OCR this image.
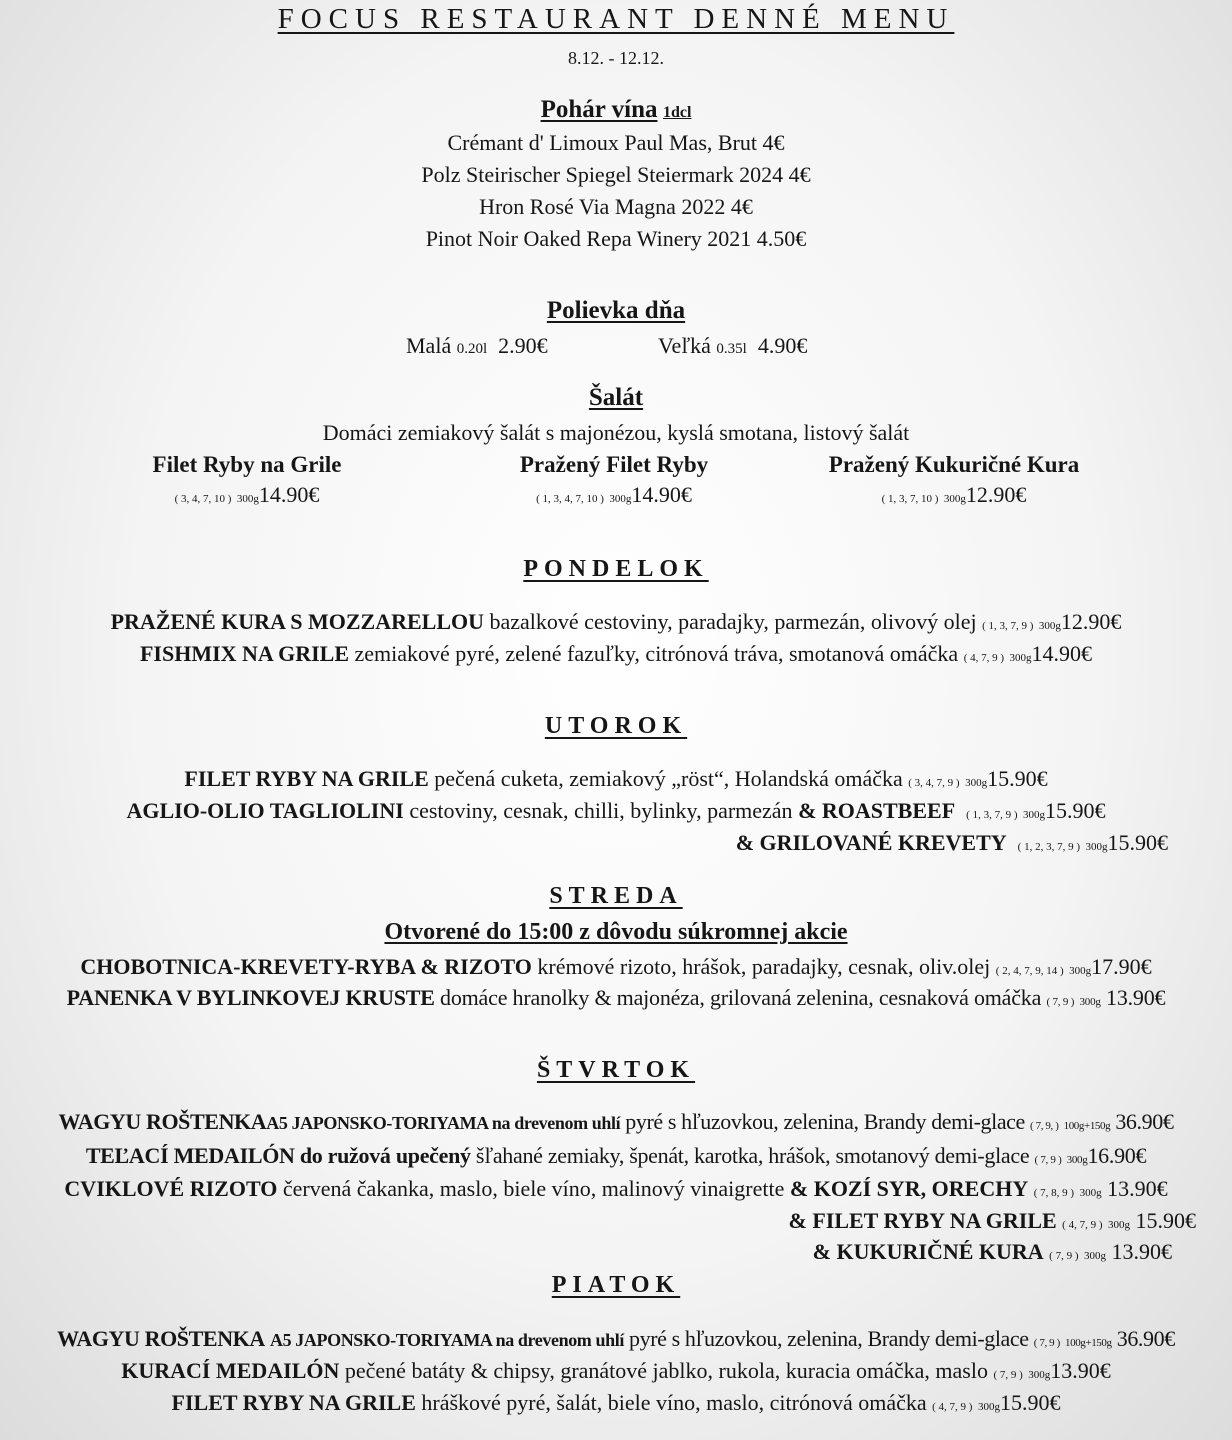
FOCUS RESTAURANT DENNÉ MENU
8.12. - 12.12.
Pohár vína 1dcl
Crémant d' Limoux Paul Mas, Brut 4€
Polz Steirischer Spiegel Steiermark 2024 4€
Hron Rosé Via Magna 2022 4€
Pinot Noir Oaked Repa Winery 2021 4.50€
Polievka dňa
Malá 0.20l 2.90€	Veľká 0.35l 4.90€
Šalát
Domáci zemiakový šalát s majonézou, kyslá smotana, listový šalát
Filet Ryby na Grile
( 3, 4, 7, 10 ) 300g14.90€
Pražený Filet Ryby
( 1, 3, 4, 7, 10 ) 300g14.90€
Pražený Kukuričné Kura
( 1, 3, 7, 10 ) 300g12.90€
PONDELOK
PRAŽENÉ KURA S MOZZARELLOU bazalkové cestoviny, paradajky, parmezán, olivový olej ( 1, 3, 7, 9 ) 300g12.90€
FISHMIX NA GRILE zemiakové pyré, zelené fazuľky, citrónová tráva, smotanová omáčka ( 4, 7, 9 ) 300g14.90€
UTOROK
FILET RYBY NA GRILE pečená cuketa, zemiakový „röst“, Holandská omáčka ( 3, 4, 7, 9 ) 300g15.90€
AGLIO-OLIO TAGLIOLINI cestoviny, cesnak, chilli, bylinky, parmezán & ROASTBEEF ( 1, 3, 7, 9 ) 300g15.90€
& GRILOVANÉ KREVETY ( 1, 2, 3, 7, 9 ) 300g15.90€
STREDA
Otvorené do 15:00 z dôvodu súkromnej akcie
CHOBOTNICA-KREVETY-RYBA & RIZOTO krémové rizoto, hrášok, paradajky, cesnak, oliv.olej ( 2, 4, 7, 9, 14 ) 300g17.90€
PANENKA V BYLINKOVEJ KRUSTE domáce hranolky & majonéza, grilovaná zelenina, cesnaková omáčka ( 7, 9 ) 300g 13.90€
ŠTVRTOK
WAGYU ROŠTENKAA5 JAPONSKO-TORIYAMA na drevenom uhlí pyré s hľuzovkou, zelenina, Brandy demi-glace ( 7, 9, ) 100g+150g 36.90€
TEĽACÍ MEDAILÓN do ružová upečený šľahané zemiaky, špenát, karotka, hrášok, smotanový demi-glace ( 7, 9 ) 300g16.90€
CVIKLOVÉ RIZOTO červená čakanka, maslo, biele víno, malinový vinaigrette & KOZÍ SYR, ORECHY ( 7, 8, 9 ) 300g 13.90€
& FILET RYBY NA GRILE ( 4, 7, 9 ) 300g 15.90€
& KUKURIČNÉ KURA ( 7, 9 ) 300g 13.90€
PIATOK
WAGYU ROŠTENKA A5 JAPONSKO-TORIYAMA na drevenom uhlí pyré s hľuzovkou, zelenina, Brandy demi-glace ( 7, 9 ) 100g+150g 36.90€
KURACÍ MEDAILÓN pečené batáty & chipsy, granátové jablko, rukola, kuracia omáčka, maslo ( 7, 9 ) 300g13.90€
FILET RYBY NA GRILE hráškové pyré, šalát, biele víno, maslo, citrónová omáčka ( 4, 7, 9 ) 300g15.90€
